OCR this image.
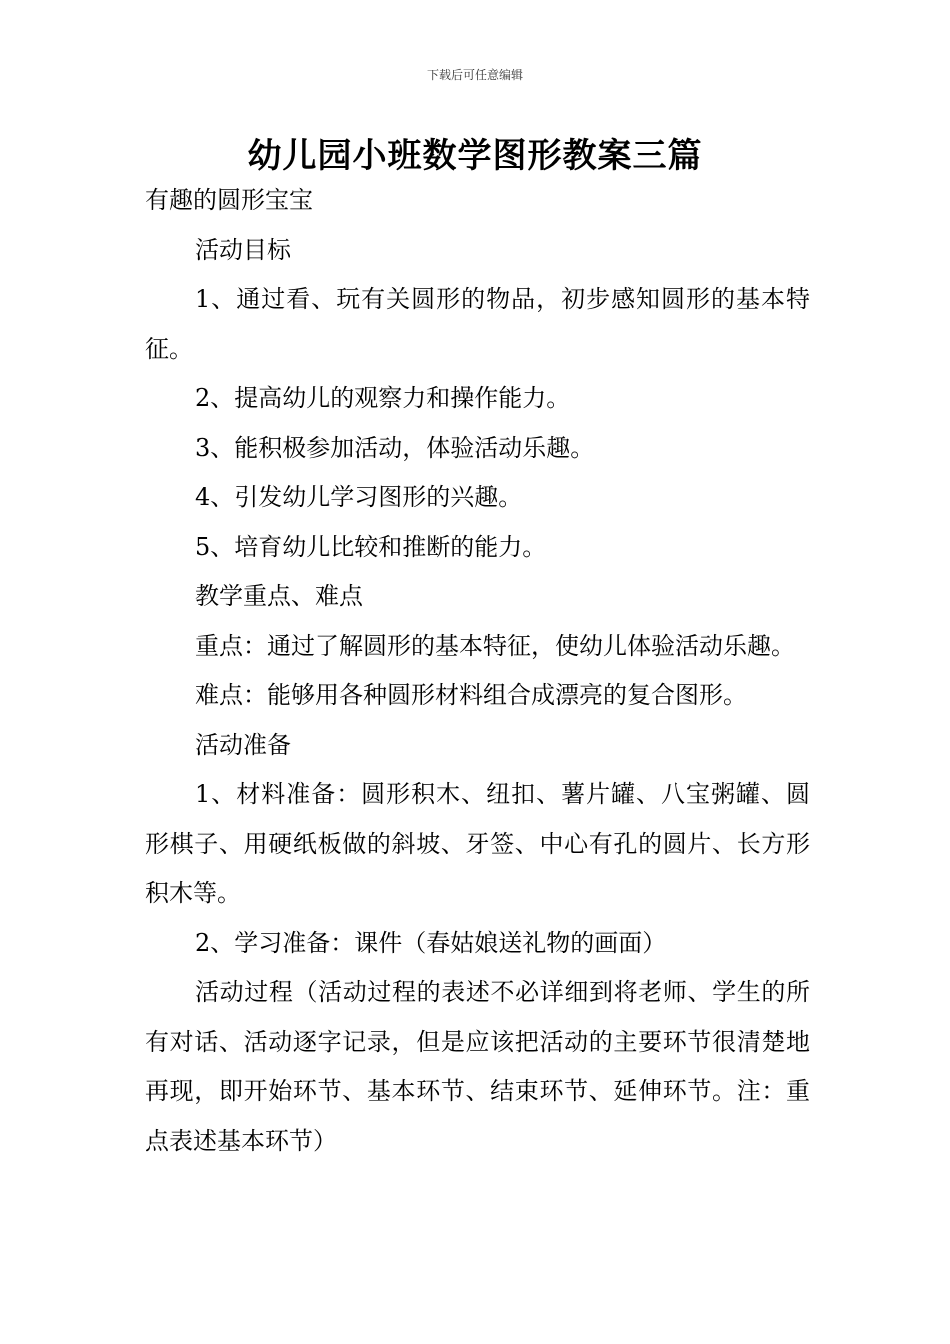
下载后可任意编辑
幼儿园小班数学图形教案三篇

有趣的圆形宝宝

活动目标

1、通过看、玩有关圆形的物品，初步感知圆形的基本特征。

2、提高幼儿的观察力和操作能力。

3、能积极参加活动，体验活动乐趣。

4、引发幼儿学习图形的兴趣。

5、培育幼儿比较和推断的能力。

教学重点、难点

重点：通过了解圆形的基本特征，使幼儿体验活动乐趣。

难点：能够用各种圆形材料组合成漂亮的复合图形。

活动准备

1、材料准备：圆形积木、纽扣、薯片罐、八宝粥罐、圆形棋子、用硬纸板做的斜坡、牙签、中心有孔的圆片、长方形积木等。

2、学习准备：课件（春姑娘送礼物的画面）

活动过程（活动过程的表述不必详细到将老师、学生的所有对话、活动逐字记录，但是应该把活动的主要环节很清楚地再现，即开始环节、基本环节、结束环节、延伸环节。注：重点表述基本环节）
